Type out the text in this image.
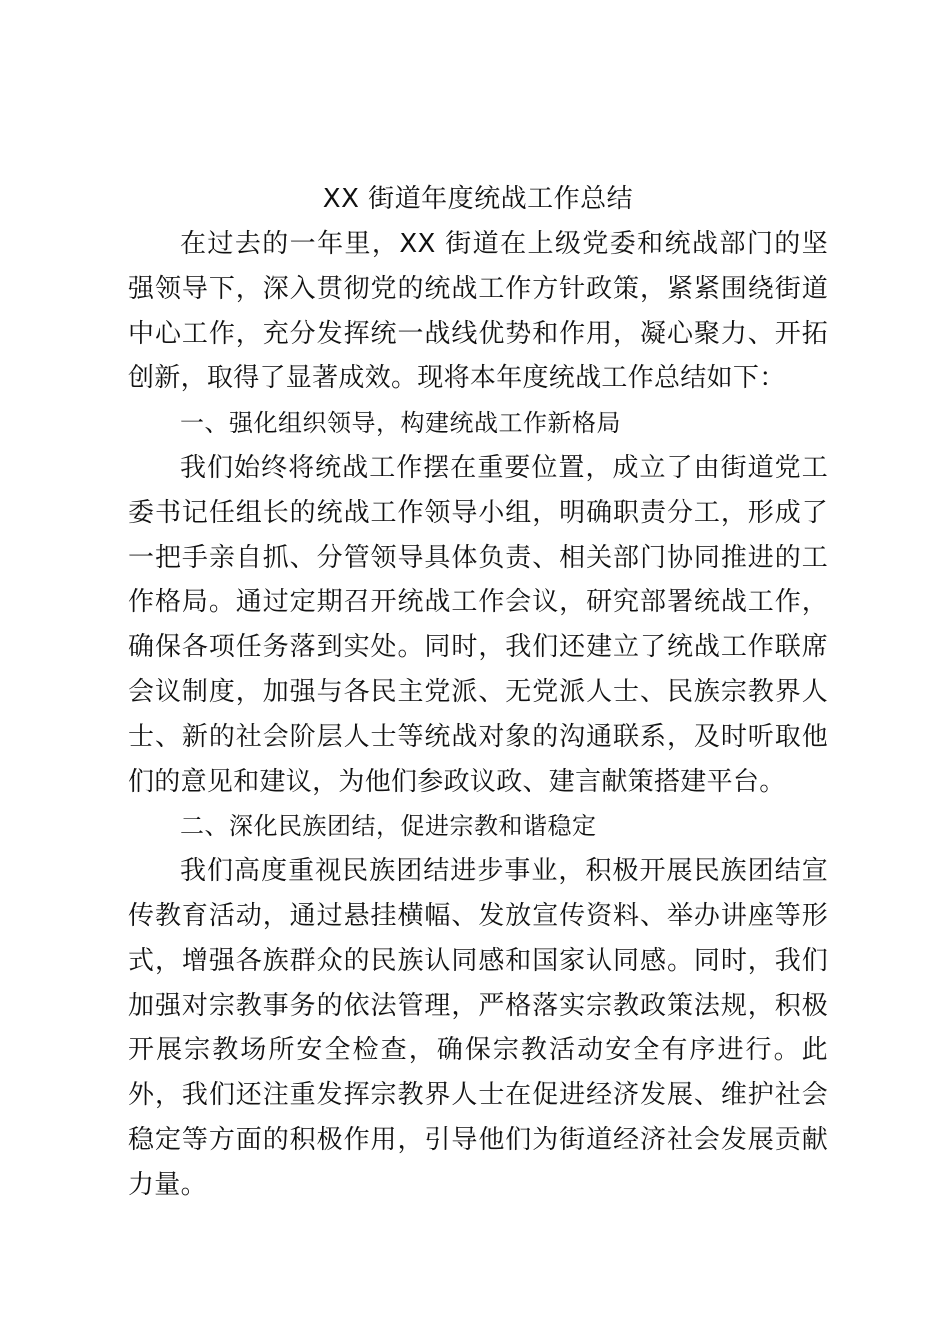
XX 街道年度统战工作总结

在过去的一年里，XX 街道在上级党委和统战部门的坚强领导下，深入贯彻党的统战工作方针政策，紧紧围绕街道中心工作，充分发挥统一战线优势和作用，凝心聚力、开拓创新，取得了显著成效。现将本年度统战工作总结如下：

一、强化组织领导，构建统战工作新格局

我们始终将统战工作摆在重要位置，成立了由街道党工委书记任组长的统战工作领导小组，明确职责分工，形成了一把手亲自抓、分管领导具体负责、相关部门协同推进的工作格局。通过定期召开统战工作会议，研究部署统战工作，确保各项任务落到实处。同时，我们还建立了统战工作联席会议制度，加强与各民主党派、无党派人士、民族宗教界人士、新的社会阶层人士等统战对象的沟通联系，及时听取他们的意见和建议，为他们参政议政、建言献策搭建平台。

二、深化民族团结，促进宗教和谐稳定

我们高度重视民族团结进步事业，积极开展民族团结宣传教育活动，通过悬挂横幅、发放宣传资料、举办讲座等形式，增强各族群众的民族认同感和国家认同感。同时，我们加强对宗教事务的依法管理，严格落实宗教政策法规，积极开展宗教场所安全检查，确保宗教活动安全有序进行。此外，我们还注重发挥宗教界人士在促进经济发展、维护社会稳定等方面的积极作用，引导他们为街道经济社会发展贡献力量。
